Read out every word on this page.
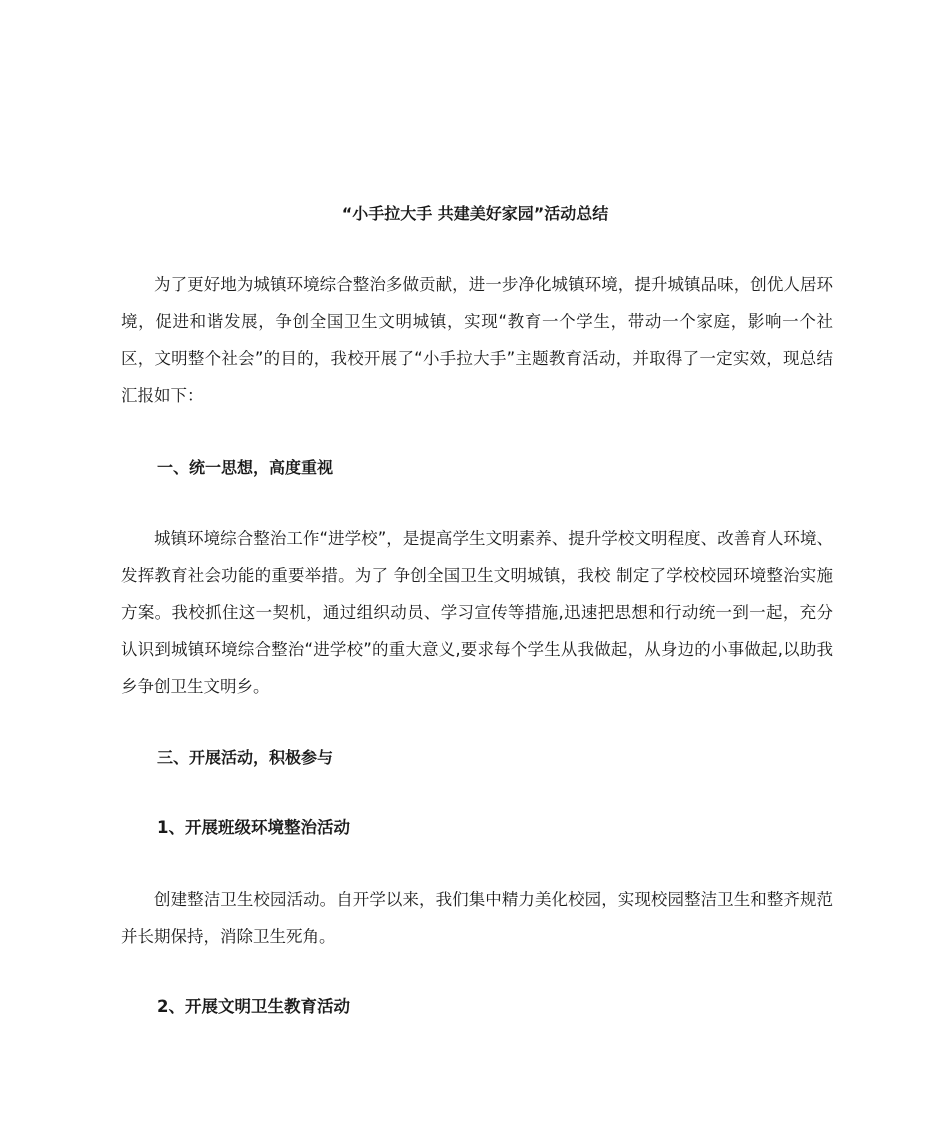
“小手拉大手 共建美好家园”活动总结

为了更好地为城镇环境综合整治多做贡献，进一步净化城镇环境，提升城镇品味，创优人居环境，促进和谐发展，争创全国卫生文明城镇，实现“教育一个学生，带动一个家庭，影响一个社区，文明整个社会”的目的，我校开展了“小手拉大手”主题教育活动，并取得了一定实效，现总结汇报如下：

一、统一思想，高度重视

城镇环境综合整治工作“进学校”，是提高学生文明素养、提升学校文明程度、改善育人环境、发挥教育社会功能的重要举措。为了 争创全国卫生文明城镇，我校 制定了学校校园环境整治实施方案。我校抓住这一契机，通过组织动员、学习宣传等措施,迅速把思想和行动统一到一起，充分认识到城镇环境综合整治“进学校”的重大意义,要求每个学生从我做起，从身边的小事做起,以助我乡争创卫生文明乡。

三、开展活动，积极参与
1、开展班级环境整治活动

创建整洁卫生校园活动。自开学以来，我们集中精力美化校园，实现校园整洁卫生和整齐规范并长期保持，消除卫生死角。

2、开展文明卫生教育活动
